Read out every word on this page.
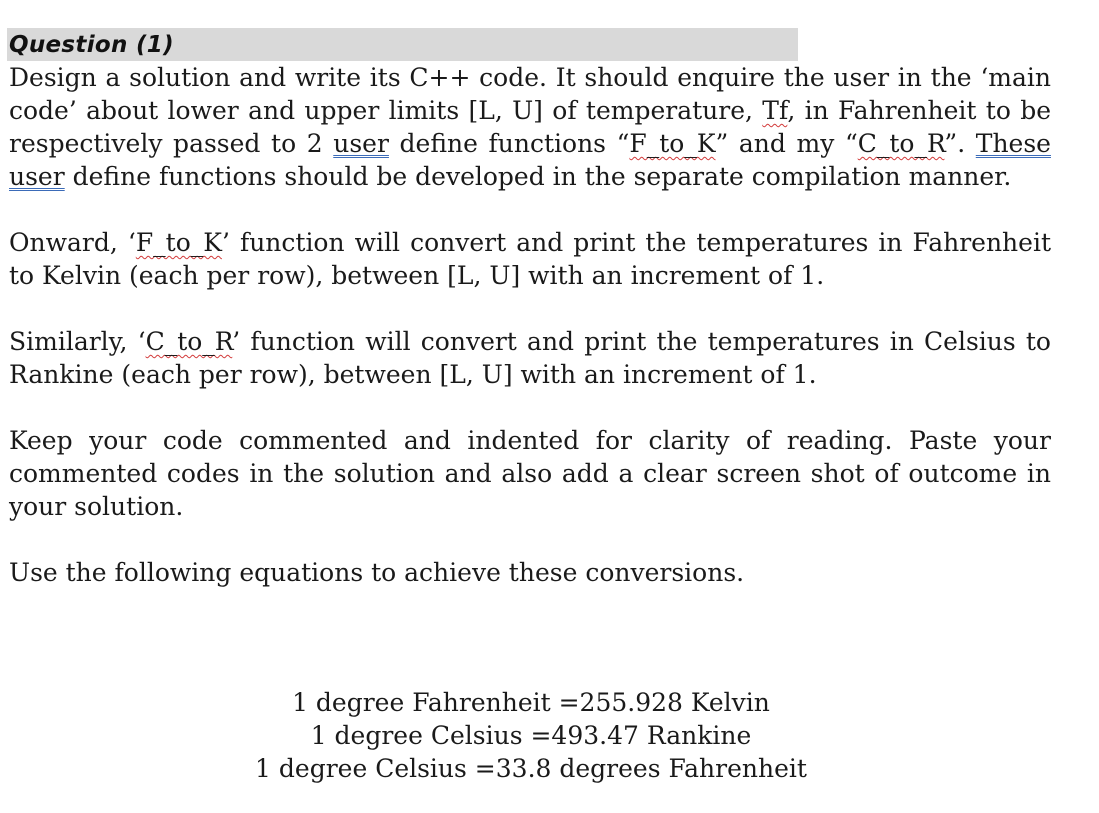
Question (1)

Design a solution and write its C++ code. It should enquire the user in the ‘main code’ about lower and upper limits [L, U] of temperature, Tf, in Fahrenheit to be respectively passed to 2 user define functions “F_to_K” and my “C_to_R”. These user define functions should be developed in the separate compilation manner.

Onward, ‘F_to_K’ function will convert and print the temperatures in Fahrenheit to Kelvin (each per row), between [L, U] with an increment of 1.

Similarly, ‘C_to_R’ function will convert and print the temperatures in Celsius to Rankine (each per row), between [L, U] with an increment of 1.

Keep your code commented and indented for clarity of reading. Paste your commented codes in the solution and also add a clear screen shot of outcome in your solution.

Use the following equations to achieve these conversions.

1 degree Fahrenheit =255.928 Kelvin
1 degree Celsius =493.47 Rankine
1 degree Celsius =33.8 degrees Fahrenheit
